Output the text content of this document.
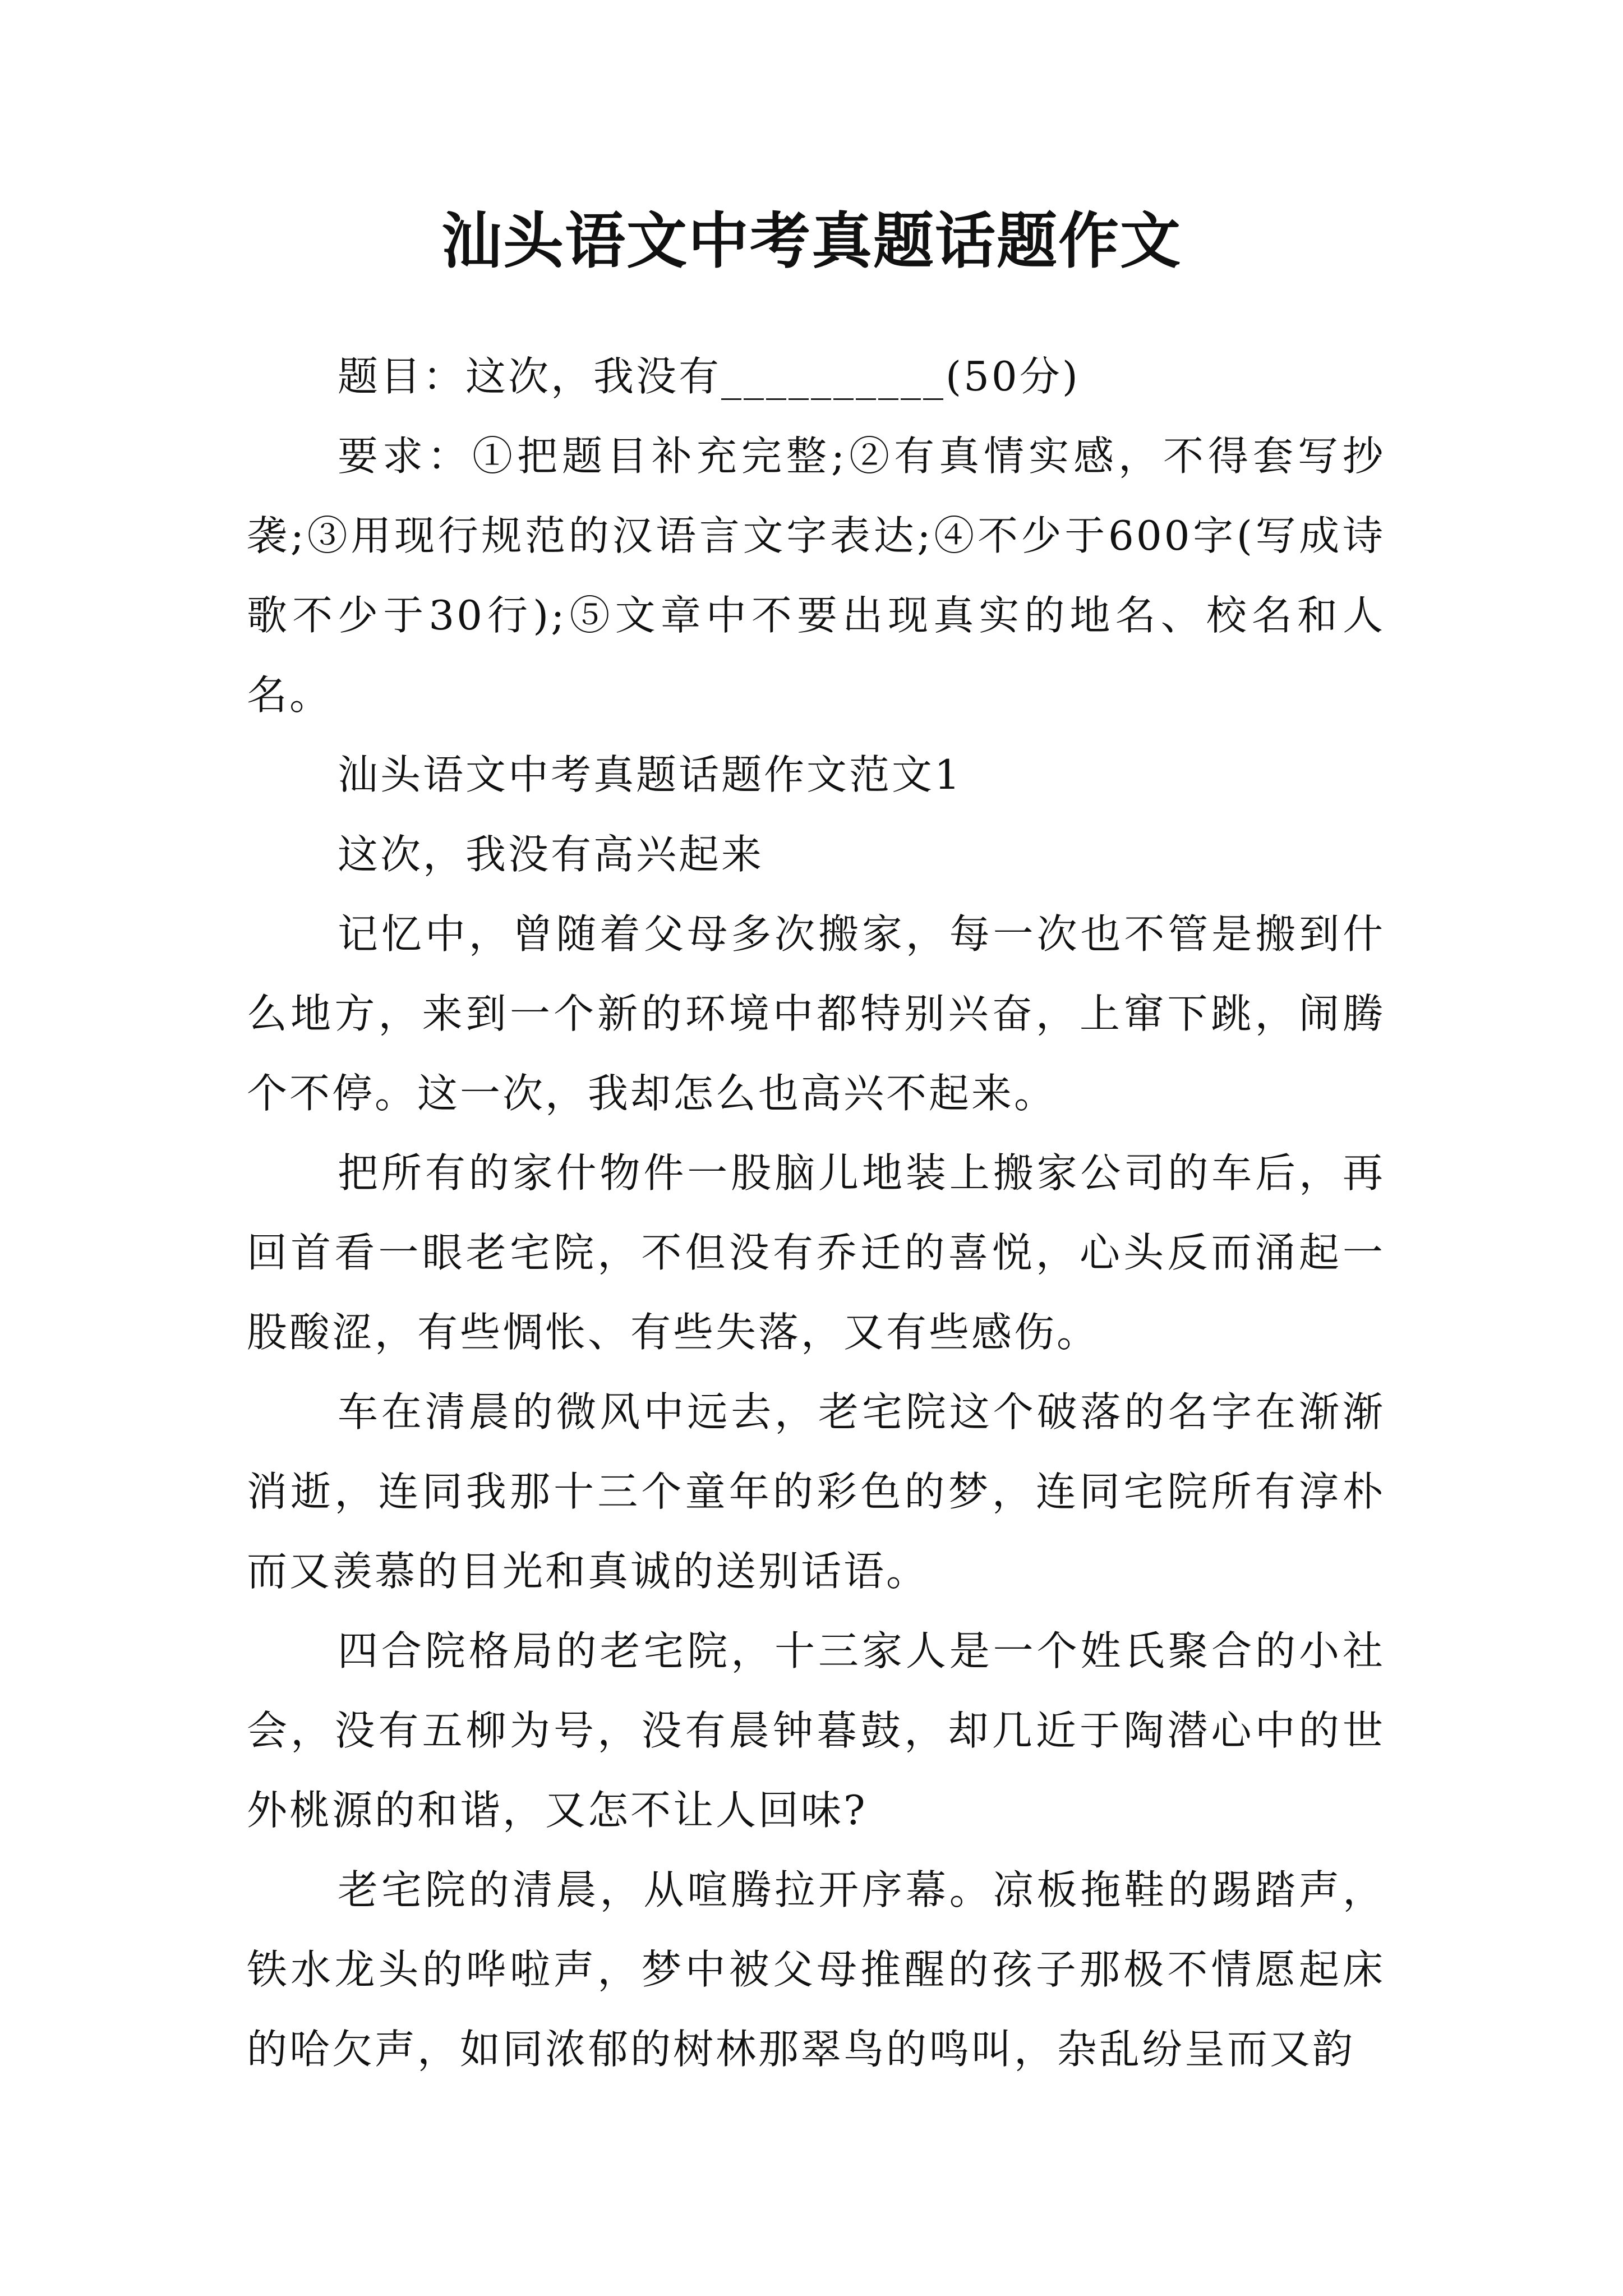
汕头语文中考真题话题作文

题目：这次，我没有__________(50分)

要求：①把题目补充完整;②有真情实感，不得套写抄袭;③用现行规范的汉语言文字表达;④不少于600字(写成诗歌不少于30行);⑤文章中不要出现真实的地名、校名和人名。

汕头语文中考真题话题作文范文1

这次，我没有高兴起来

记忆中，曾随着父母多次搬家，每一次也不管是搬到什么地方，来到一个新的环境中都特别兴奋，上窜下跳，闹腾个不停。这一次，我却怎么也高兴不起来。

把所有的家什物件一股脑儿地装上搬家公司的车后，再回首看一眼老宅院，不但没有乔迁的喜悦，心头反而涌起一股酸涩，有些惆怅、有些失落，又有些感伤。

车在清晨的微风中远去，老宅院这个破落的名字在渐渐消逝，连同我那十三个童年的彩色的梦，连同宅院所有淳朴而又羡慕的目光和真诚的送别话语。

四合院格局的老宅院，十三家人是一个姓氏聚合的小社会，没有五柳为号，没有晨钟暮鼓，却几近于陶潜心中的世外桃源的和谐，又怎不让人回味?

老宅院的清晨，从喧腾拉开序幕。凉板拖鞋的踢踏声，铁水龙头的哗啦声，梦中被父母推醒的孩子那极不情愿起床的哈欠声，如同浓郁的树林那翠鸟的鸣叫，杂乱纷呈而又韵
